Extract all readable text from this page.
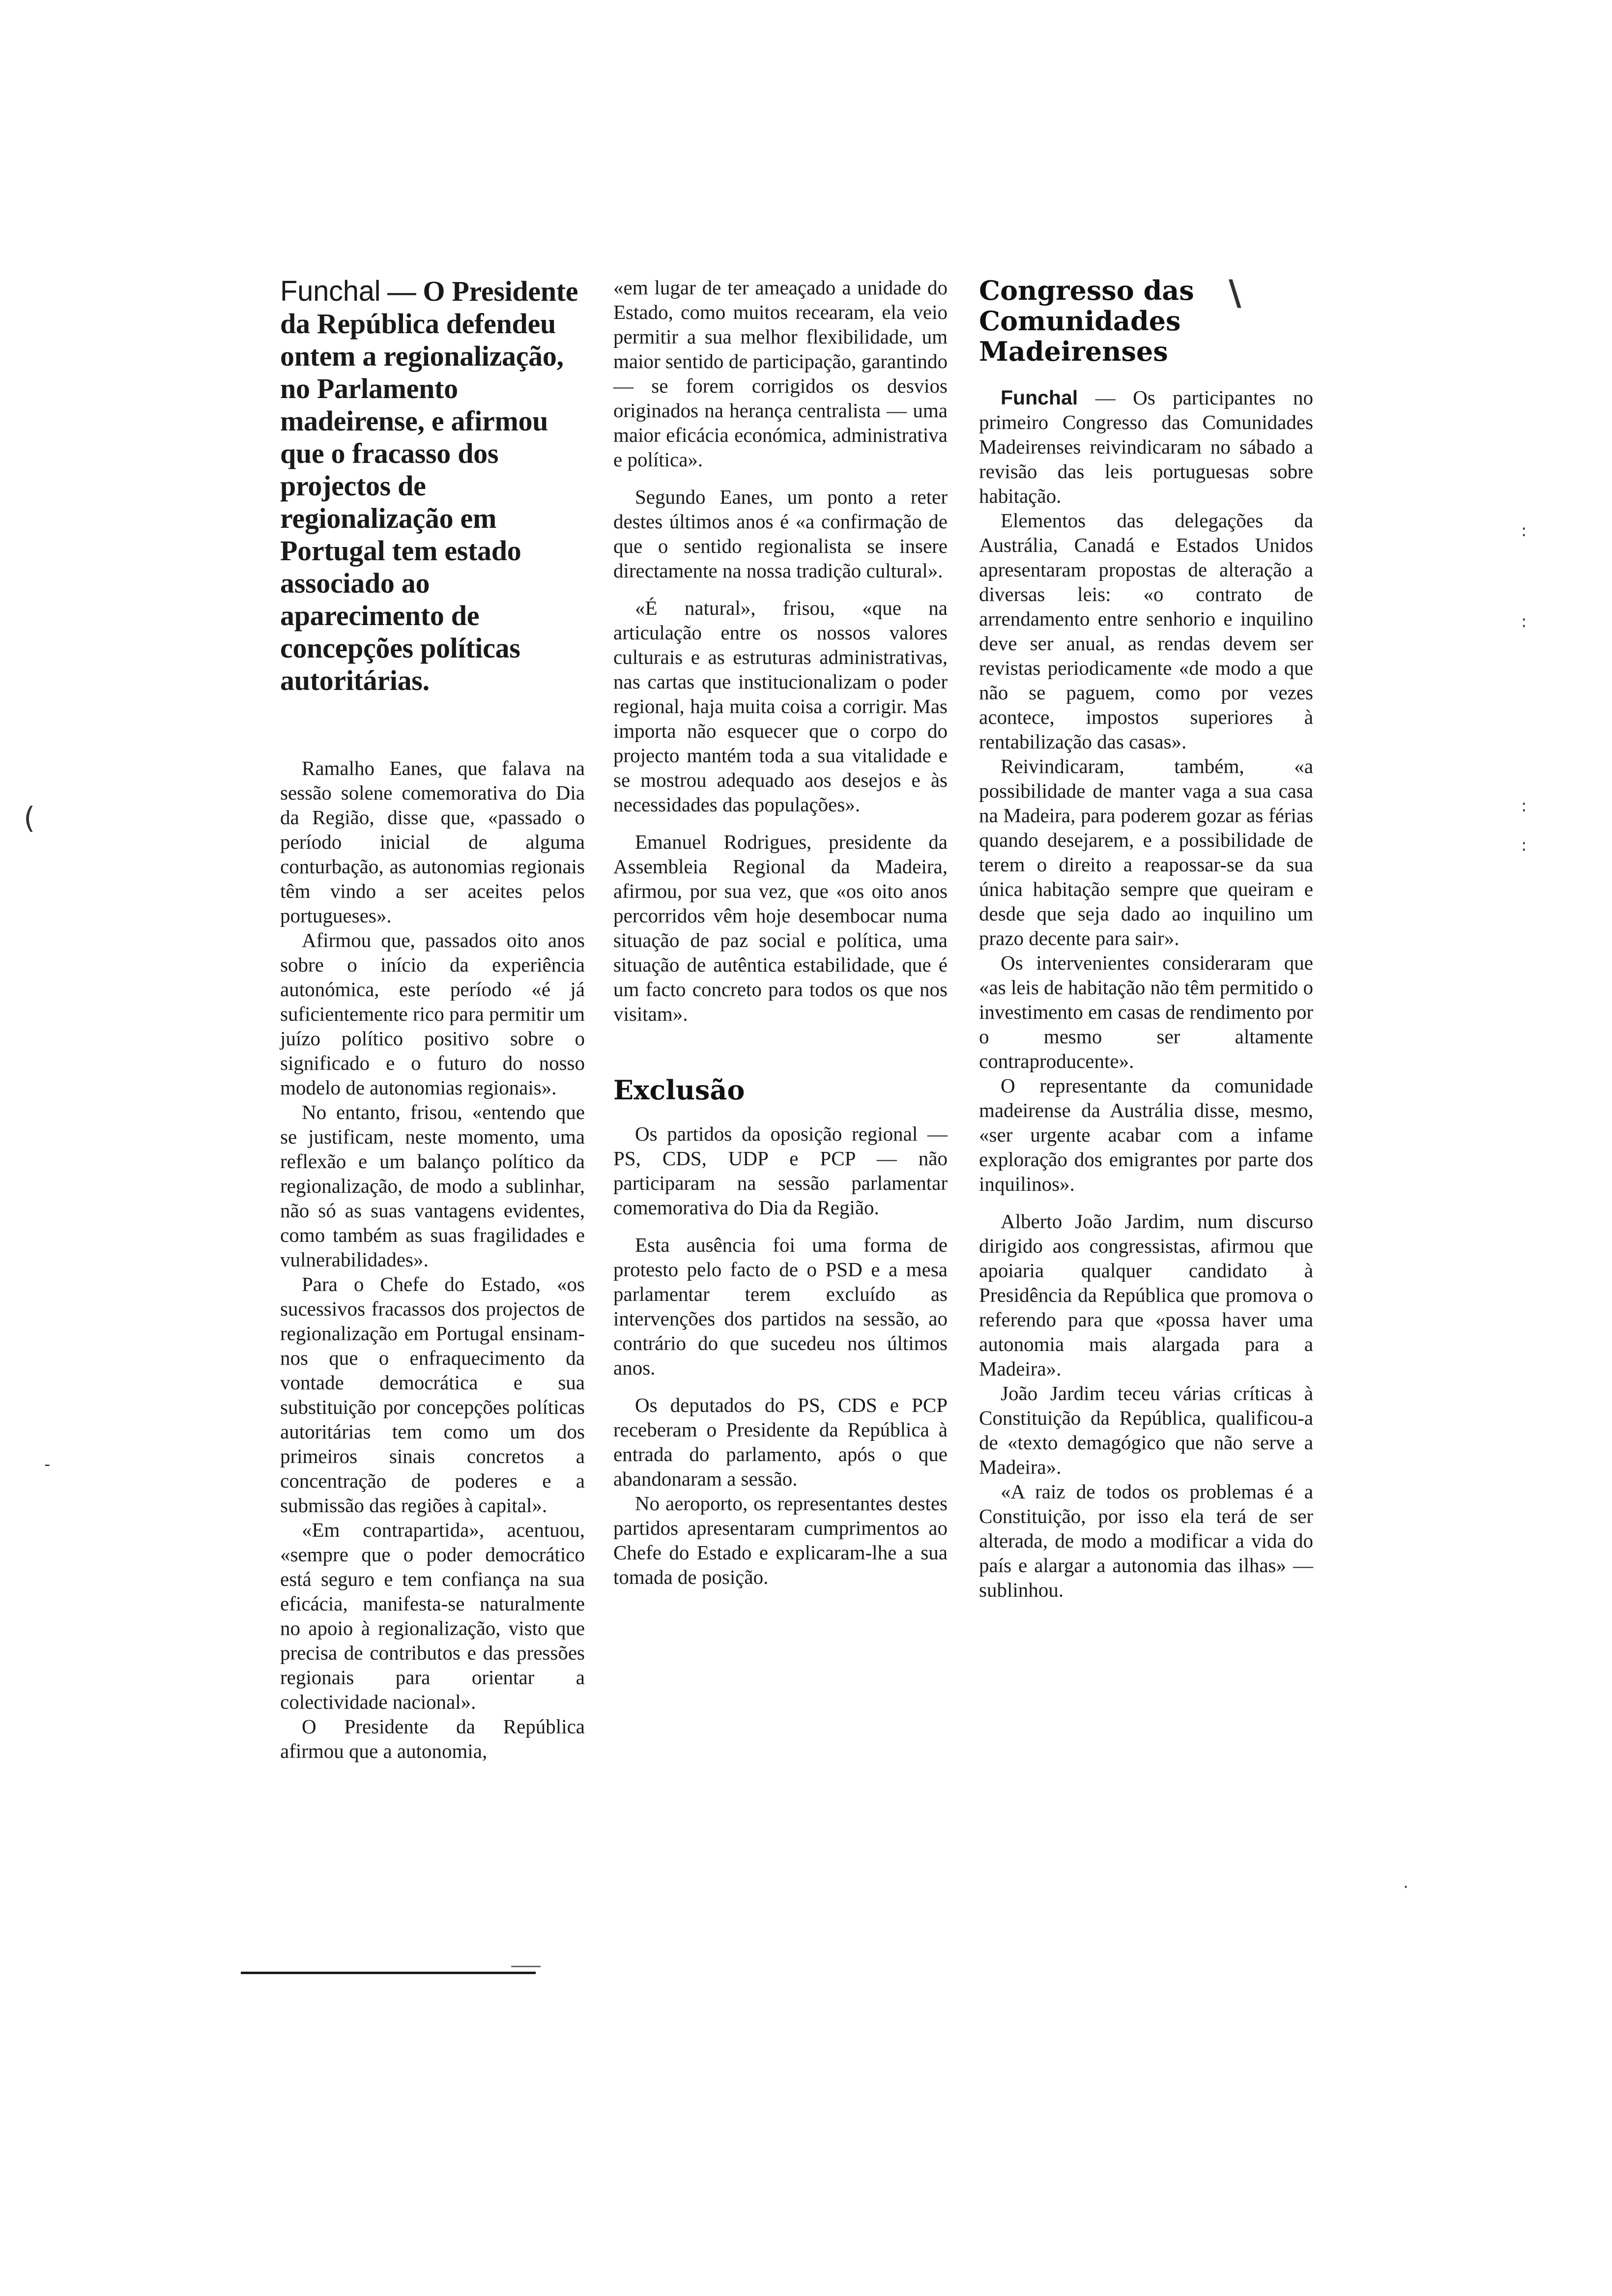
Funchal — O Presidente da República defendeu ontem a regionalização, no Parlamento madeirense, e afirmou que o fracasso dos projectos de regionalização em Portugal tem estado associado ao aparecimento de concepções políticas autoritárias.

Ramalho Eanes, que falava na sessão solene comemorativa do Dia da Região, disse que, «passado o período inicial de alguma conturbação, as autonomias regionais têm vindo a ser aceites pelos portugueses».

Afirmou que, passados oito anos sobre o início da experiência autonómica, este período «é já suficientemente rico para permitir um juízo político positivo sobre o significado e o futuro do nosso modelo de autonomias regionais».

No entanto, frisou, «entendo que se justificam, neste momento, uma reflexão e um balanço político da regionalização, de modo a sublinhar, não só as suas vantagens evidentes, como também as suas fragilidades e vulnerabilidades».

Para o Chefe do Estado, «os sucessivos fracassos dos projectos de regionalização em Portugal ensinam-nos que o enfraquecimento da vontade democrática e sua substituição por concepções políticas autoritárias tem como um dos primeiros sinais concretos a concentração de poderes e a submissão das regiões à capital».

«Em contrapartida», acentuou, «sempre que o poder democrático está seguro e tem confiança na sua eficácia, manifesta-se naturalmente no apoio à regionalização, visto que precisa de contributos e das pressões regionais para orientar a colectividade nacional».

O Presidente da República afirmou que a autonomia,

«em lugar de ter ameaçado a unidade do Estado, como muitos recearam, ela veio permitir a sua melhor flexibilidade, um maior sentido de participação, garantindo — se forem corrigidos os desvios originados na herança centralista — uma maior eficácia económica, administrativa e política».

Segundo Eanes, um ponto a reter destes últimos anos é «a confirmação de que o sentido regionalista se insere directamente na nossa tradição cultural».

«É natural», frisou, «que na articulação entre os nossos valores culturais e as estruturas administrativas, nas cartas que institucionalizam o poder regional, haja muita coisa a corrigir. Mas importa não esquecer que o corpo do projecto mantém toda a sua vitalidade e se mostrou adequado aos desejos e às necessidades das populações».

Emanuel Rodrigues, presidente da Assembleia Regional da Madeira, afirmou, por sua vez, que «os oito anos percorridos vêm hoje desembocar numa situação de paz social e política, uma situação de autêntica estabilidade, que é um facto concreto para todos os que nos visitam».

Exclusão

Os partidos da oposição regional — PS, CDS, UDP e PCP — não participaram na sessão parlamentar comemorativa do Dia da Região.

Esta ausência foi uma forma de protesto pelo facto de o PSD e a mesa parlamentar terem excluído as intervenções dos partidos na sessão, ao contrário do que sucedeu nos últimos anos.

Os deputados do PS, CDS e PCP receberam o Presidente da República à entrada do parlamento, após o que abandonaram a sessão.

No aeroporto, os representantes destes partidos apresentaram cumprimentos ao Chefe do Estado e explicaram-lhe a sua tomada de posição.

Congresso das Comunidades Madeirenses

Funchal — Os participantes no primeiro Congresso das Comunidades Madeirenses reivindicaram no sábado a revisão das leis portuguesas sobre habitação.

Elementos das delegações da Austrália, Canadá e Estados Unidos apresentaram propostas de alteração a diversas leis: «o contrato de arrendamento entre senhorio e inquilino deve ser anual, as rendas devem ser revistas periodicamente «de modo a que não se paguem, como por vezes acontece, impostos superiores à rentabilização das casas».

Reivindicaram, também, «a possibilidade de manter vaga a sua casa na Madeira, para poderem gozar as férias quando desejarem, e a possibilidade de terem o direito a reapossar-se da sua única habitação sempre que queiram e desde que seja dado ao inquilino um prazo decente para sair».

Os intervenientes consideraram que «as leis de habitação não têm permitido o investimento em casas de rendimento por o mesmo ser altamente contraproducente».

O representante da comunidade madeirense da Austrália disse, mesmo, «ser urgente acabar com a infame exploração dos emigrantes por parte dos inquilinos».

Alberto João Jardim, num discurso dirigido aos congressistas, afirmou que apoiaria qualquer candidato à Presidência da República que promova o referendo para que «possa haver uma autonomia mais alargada para a Madeira».

João Jardim teceu várias críticas à Constituição da República, qualificou-a de «texto demagógico que não serve a Madeira».

«A raiz de todos os problemas é a Constituição, por isso ela terá de ser alterada, de modo a modificar a vida do país e alargar a autonomia das ilhas» — sublinhou.

(
\
:
:
:
:
·
-
